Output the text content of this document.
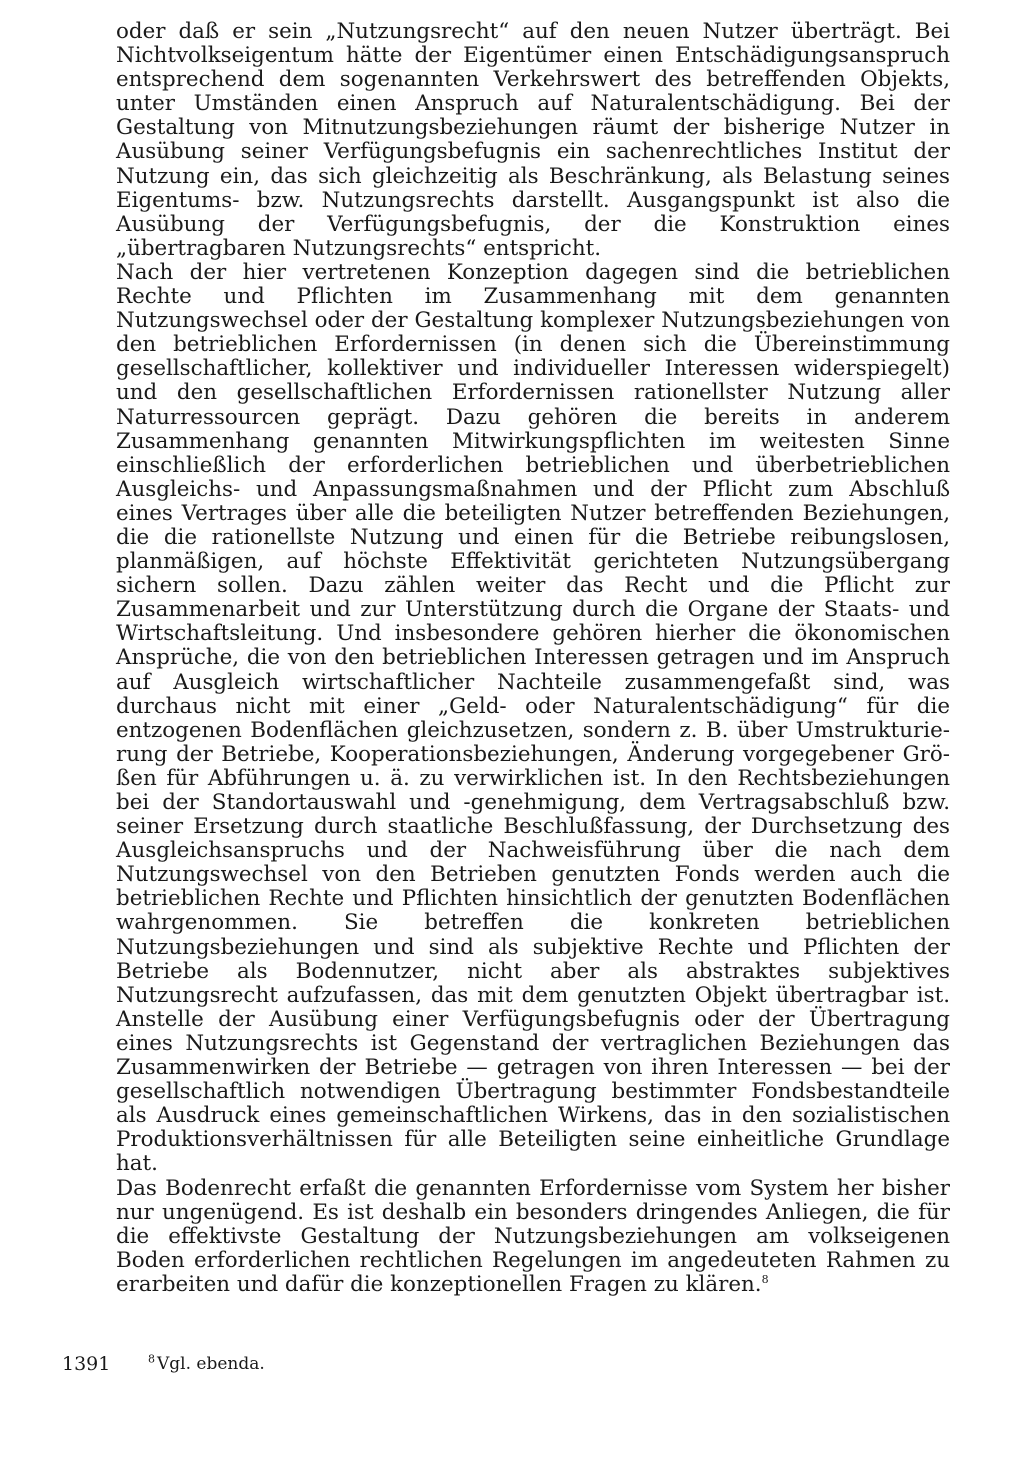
oder daß er sein „Nutzungsrecht“ auf den neuen Nutzer überträgt. Bei Nichtvolkseigentum hätte der Eigentümer einen Entschädigungsanspruch entsprechend dem sogenannten Verkehrswert des betreffenden Objekts, unter Umständen einen Anspruch auf Naturalentschädigung. Bei der Gestaltung von Mitnutzungsbeziehungen räumt der bisherige Nutzer in Ausübung seiner Verfügungsbefugnis ein sachenrechtliches Institut der Nutzung ein, das sich gleichzeitig als Beschränkung, als Belastung seines Eigentums- bzw. Nutzungsrechts darstellt. Ausgangspunkt ist also die Ausübung der Verfügungsbefugnis, der die Konstruktion eines „übertragbaren Nutzungsrechts“ entspricht.

Nach der hier vertretenen Konzeption dagegen sind die betrieblichen Rechte und Pflichten im Zusammenhang mit dem genannten Nutzungswechsel oder der Gestaltung komplexer Nutzungsbeziehungen von den betrieblichen Erfordernissen (in denen sich die Übereinstimmung gesellschaftlicher, kollektiver und individueller Interessen widerspiegelt) und den gesellschaftlichen Erfordernissen rationellster Nutzung aller Naturressourcen geprägt. Dazu gehören die bereits in anderem Zusammenhang genannten Mitwirkungspflichten im weitesten Sinne einschließlich der erforderlichen betrieblichen und überbetrieblichen Ausgleichs- und Anpassungsmaßnahmen und der Pflicht zum Abschluß eines Vertrages über alle die beteiligten Nutzer betreffenden Beziehungen, die die rationellste Nutzung und einen für die Betriebe reibungslosen, planmäßigen, auf höchste Effektivität gerichteten Nutzungsübergang sichern sollen. Dazu zählen weiter das Recht und die Pflicht zur Zusammenarbeit und zur Unterstützung durch die Organe der Staats- und Wirtschaftsleitung. Und insbesondere gehören hierher die ökonomischen Ansprüche, die von den betrieblichen Interessen getragen und im Anspruch auf Ausgleich wirtschaftlicher Nachteile zusammengefaßt sind, was durchaus nicht mit einer „Geld- oder Naturalentschädigung“ für die entzogenen Bodenflächen gleichzusetzen, sondern z. B. über Umstrukturierung der Betriebe, Kooperationsbeziehungen, Änderung vorgegebener Größen für Abführungen u. ä. zu verwirklichen ist. In den Rechtsbeziehungen bei der Standortauswahl und -genehmigung, dem Vertragsabschluß bzw. seiner Ersetzung durch staatliche Beschlußfassung, der Durchsetzung des Ausgleichsanspruchs und der Nachweisführung über die nach dem Nutzungswechsel von den Betrieben genutzten Fonds werden auch die betrieblichen Rechte und Pflichten hinsichtlich der genutzten Bodenflächen wahrgenommen. Sie betreffen die konkreten betrieblichen Nutzungsbeziehungen und sind als subjektive Rechte und Pflichten der Betriebe als Bodennutzer, nicht aber als abstraktes subjektives Nutzungsrecht aufzufassen, das mit dem genutzten Objekt übertragbar ist. Anstelle der Ausübung einer Verfügungsbefugnis oder der Übertragung eines Nutzungsrechts ist Gegenstand der vertraglichen Beziehungen das Zusammenwirken der Betriebe — getragen von ihren Interessen — bei der gesellschaftlich notwendigen Übertragung bestimmter Fondsbestandteile als Ausdruck eines gemeinschaftlichen Wirkens, das in den sozialistischen Produktionsverhältnissen für alle Beteiligten seine einheitliche Grundlage hat.

Das Bodenrecht erfaßt die genannten Erfordernisse vom System her bisher nur ungenügend. Es ist deshalb ein besonders dringendes Anliegen, die für die effektivste Gestaltung der Nutzungsbeziehungen am volkseigenen Boden erforderlichen rechtlichen Regelungen im angedeuteten Rahmen zu erarbeiten und dafür die konzeptionellen Fragen zu klären.$^8$

1391	$^8$ Vgl. ebenda.
